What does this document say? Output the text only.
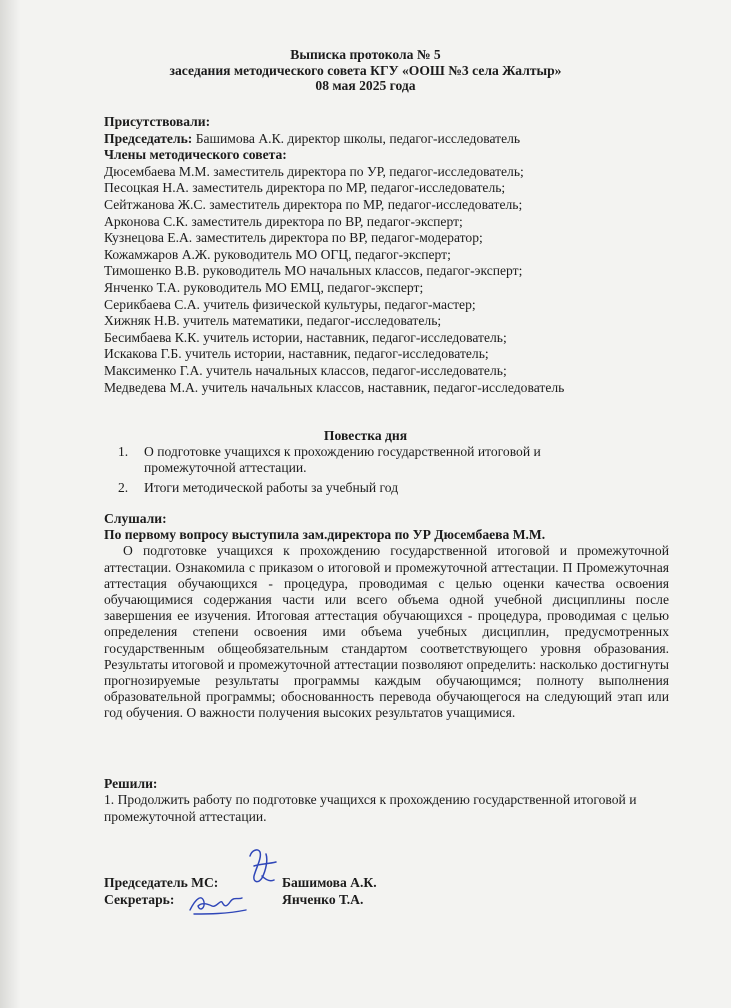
Выписка протокола № 5
заседания методического совета КГУ «ООШ №3 села Жалтыр»
08 мая 2025 года
Присутствовали:
Председатель: Башимова А.К. директор школы, педагог-исследователь
Члены методического совета:
Дюсембаева М.М. заместитель директора по УР, педагог-исследователь;
Песоцкая Н.А. заместитель директора по МР, педагог-исследователь;
Сейтжанова Ж.С. заместитель директора по МР, педагог-исследователь;
Арконова С.К. заместитель директора по ВР, педагог-эксперт;
Кузнецова Е.А. заместитель директора по ВР, педагог-модератор;
Кожамжаров А.Ж. руководитель МО ОГЦ, педагог-эксперт;
Тимошенко В.В. руководитель МО начальных классов, педагог-эксперт;
Янченко Т.А. руководитель МО ЕМЦ, педагог-эксперт;
Серикбаева С.А. учитель физической культуры, педагог-мастер;
Хижняк Н.В. учитель математики, педагог-исследователь;
Бесимбаева К.К. учитель истории, наставник, педагог-исследователь;
Искакова Г.Б. учитель истории, наставник, педагог-исследователь;
Максименко Г.А. учитель начальных классов, педагог-исследователь;
Медведева М.А. учитель начальных классов, наставник, педагог-исследователь
Повестка дня
1.	О подготовке учащихся к прохождению государственной итоговой и промежуточной аттестации.
2.	Итоги методической работы за учебный год
Слушали:
По первому вопросу выступила зам.директора по УР Дюсембаева М.М.
О подготовке учащихся к прохождению государственной итоговой и промежуточной аттестации. Ознакомила с приказом о итоговой и промежуточной аттестации. П Промежуточная аттестация обучающихся - процедура, проводимая с целью оценки качества освоения обучающимися содержания части или всего объема одной учебной дисциплины после завершения ее изучения. Итоговая аттестация обучающихся - процедура, проводимая с целью определения степени освоения ими объема учебных дисциплин, предусмотренных государственным общеобязательным стандартом соответствующего уровня образования. Результаты итоговой и промежуточной аттестации позволяют определить: насколько достигнуты прогнозируемые результаты программы каждым обучающимся; полноту выполнения образовательной программы; обоснованность перевода обучающегося на следующий этап или год обучения. О важности получения высоких результатов учащимися.
Решили:
1. Продолжить работу по подготовке учащихся к прохождению государственной итоговой и промежуточной аттестации.
Председатель МС:	Башимова А.К.
Секретарь:	Янченко Т.А.
